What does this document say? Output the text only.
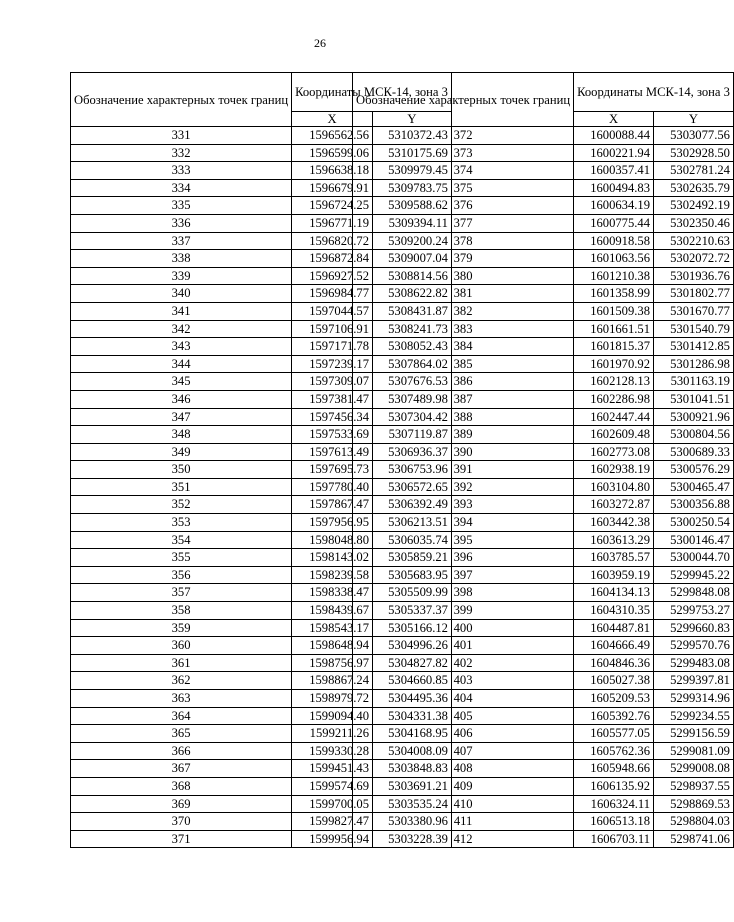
26
Обозначение характерных точек границ	Координаты МСК-14, зона 3	
	X	Y
331	1596562.56	5310372.43
332	1596599.06	5310175.69
333	1596638.18	5309979.45
334	1596679.91	5309783.75
335	1596724.25	5309588.62
336	1596771.19	5309394.11
337	1596820.72	5309200.24
338	1596872.84	5309007.04
339	1596927.52	5308814.56
340	1596984.77	5308622.82
341	1597044.57	5308431.87
342	1597106.91	5308241.73
343	1597171.78	5308052.43
344	1597239.17	5307864.02
345	1597309.07	5307676.53
346	1597381.47	5307489.98
347	1597456.34	5307304.42
348	1597533.69	5307119.87
349	1597613.49	5306936.37
350	1597695.73	5306753.96
351	1597780.40	5306572.65
352	1597867.47	5306392.49
353	1597956.95	5306213.51
354	1598048.80	5306035.74
355	1598143.02	5305859.21
356	1598239.58	5305683.95
357	1598338.47	5305509.99
358	1598439.67	5305337.37
359	1598543.17	5305166.12
360	1598648.94	5304996.26
361	1598756.97	5304827.82
362	1598867.24	5304660.85
363	1598979.72	5304495.36
364	1599094.40	5304331.38
365	1599211.26	5304168.95
366	1599330.28	5304008.09
367	1599451.43	5303848.83
368	1599574.69	5303691.21
369	1599700.05	5303535.24
370	1599827.47	5303380.96
371	1599956.94	5303228.39
Обозначение характерных точек границ	Координаты МСК-14, зона 3	
	X	Y
372	1600088.44	5303077.56
373	1600221.94	5302928.50
374	1600357.41	5302781.24
375	1600494.83	5302635.79
376	1600634.19	5302492.19
377	1600775.44	5302350.46
378	1600918.58	5302210.63
379	1601063.56	5302072.72
380	1601210.38	5301936.76
381	1601358.99	5301802.77
382	1601509.38	5301670.77
383	1601661.51	5301540.79
384	1601815.37	5301412.85
385	1601970.92	5301286.98
386	1602128.13	5301163.19
387	1602286.98	5301041.51
388	1602447.44	5300921.96
389	1602609.48	5300804.56
390	1602773.08	5300689.33
391	1602938.19	5300576.29
392	1603104.80	5300465.47
393	1603272.87	5300356.88
394	1603442.38	5300250.54
395	1603613.29	5300146.47
396	1603785.57	5300044.70
397	1603959.19	5299945.22
398	1604134.13	5299848.08
399	1604310.35	5299753.27
400	1604487.81	5299660.83
401	1604666.49	5299570.76
402	1604846.36	5299483.08
403	1605027.38	5299397.81
404	1605209.53	5299314.96
405	1605392.76	5299234.55
406	1605577.05	5299156.59
407	1605762.36	5299081.09
408	1605948.66	5299008.08
409	1606135.92	5298937.55
410	1606324.11	5298869.53
411	1606513.18	5298804.03
412	1606703.11	5298741.06
